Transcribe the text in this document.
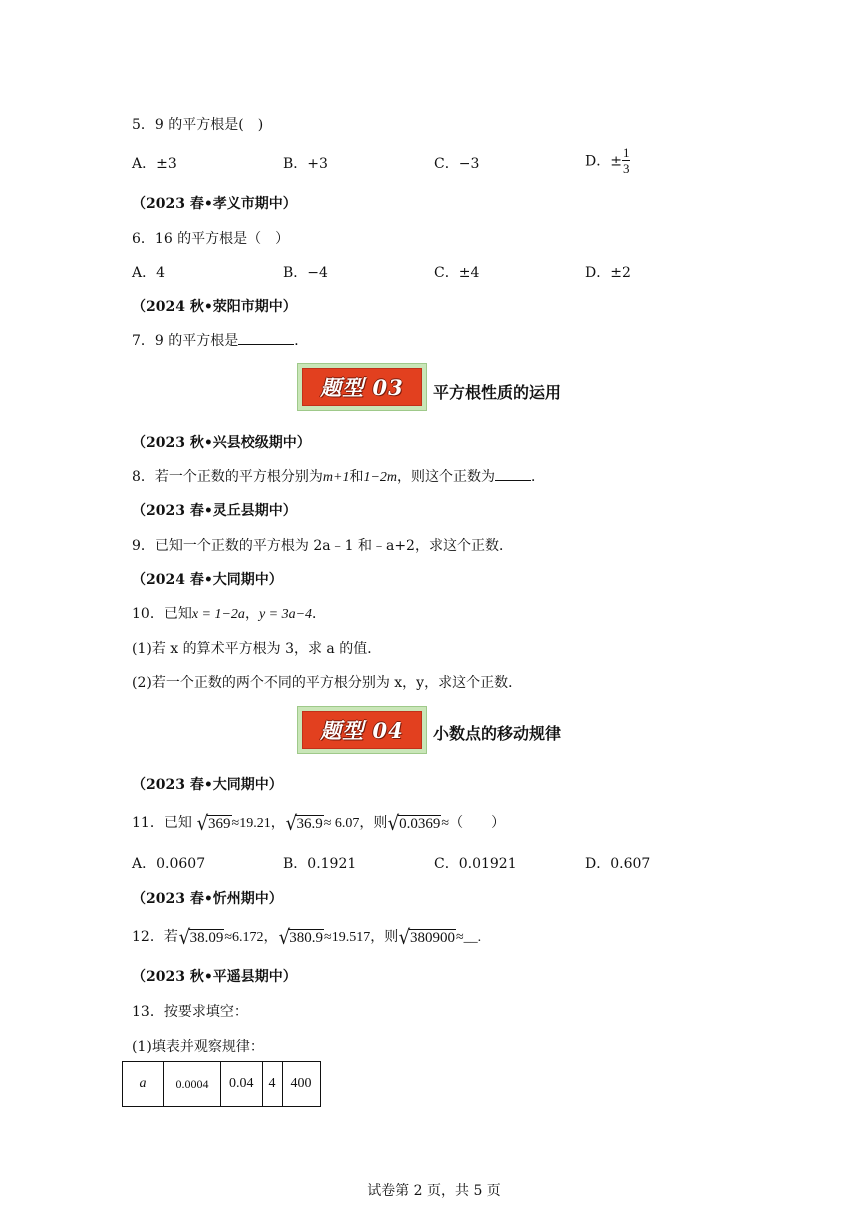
5．9 的平方根是(　)
A．±3	B．+3	C．−3	D．± $\frac{1}{3}$
（2023 春•孝义市期中）
6．16 的平方根是（　）
A．4	B．−4	C．±4	D．±2
（2024 秋•荥阳市期中）
7．9 的平方根是	．
题型 03 平方根性质的运用
（2023 秋•兴县校级期中）
8．若一个正数的平方根分别为m+1和1−2m，则这个正数为	．
（2023 春•灵丘县期中）
9．已知一个正数的平方根为 2a﹣1 和﹣a+2，求这个正数．
（2024 春•大同期中）
10．已知x = 1−2a，y = 3a−4．
(1)若 x 的算术平方根为 3，求 a 的值．
(2)若一个正数的两个不同的平方根分别为 x，y，求这个正数．
题型 04 小数点的移动规律
（2023 春•大同期中）
11．已知 √ 369 ≈19.21， √ 36.9 ≈ 6.07，则 √ 0.0369 ≈（　　）
A．0.0607	B．0.1921	C．0.01921	D．0.607
（2023 春•忻州期中）
12．若 √ 38.09 ≈6.172， √ 380.9 ≈19.517，则 √ 380900 ≈__.
（2023 秋•平遥县期中）
13．按要求填空：
(1)填表并观察规律：
a	0.0004	0.04	4	400
试卷第 2 页，共 5 页
